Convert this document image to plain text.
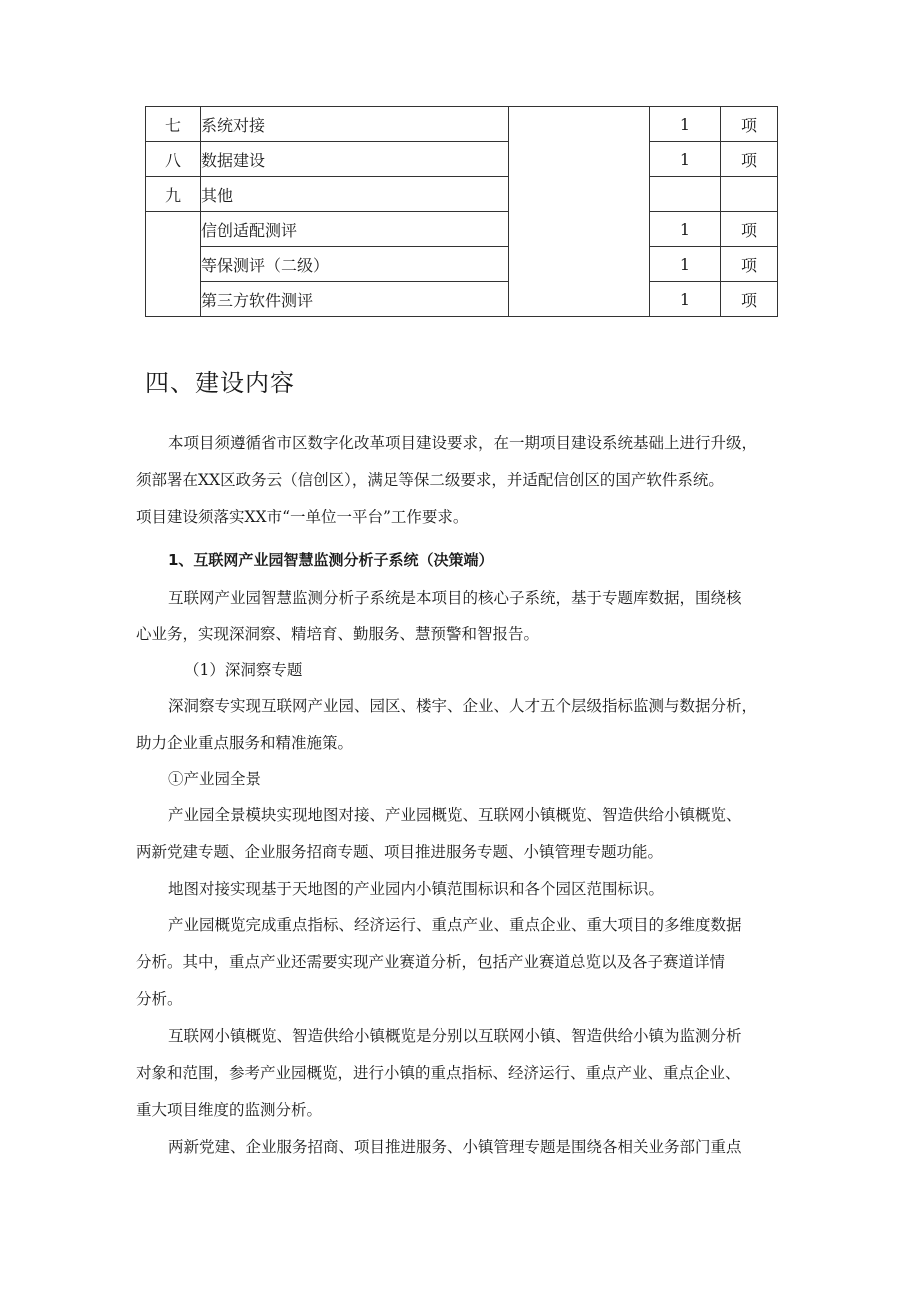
七	系统对接		1	项
八	数据建设		1	项
九	其他			
	信创适配测评		1	项
	等保测评（二级）		1	项
	第三方软件测评		1	项
四、建设内容
本项目须遵循省市区数字化改革项目建设要求，在一期项目建设系统基础上进行升级，
须部署在XX区政务云（信创区），满足等保二级要求，并适配信创区的国产软件系统。
项目建设须落实XX市“一单位一平台”工作要求。
1、互联网产业园智慧监测分析子系统（决策端）
互联网产业园智慧监测分析子系统是本项目的核心子系统，基于专题库数据，围绕核
心业务，实现深洞察、精培育、勤服务、慧预警和智报告。
（1）深洞察专题
深洞察专实现互联网产业园、园区、楼宇、企业、人才五个层级指标监测与数据分析，
助力企业重点服务和精准施策。
①产业园全景
产业园全景模块实现地图对接、产业园概览、互联网小镇概览、智造供给小镇概览、
两新党建专题、企业服务招商专题、项目推进服务专题、小镇管理专题功能。
地图对接实现基于天地图的产业园内小镇范围标识和各个园区范围标识。
产业园概览完成重点指标、经济运行、重点产业、重点企业、重大项目的多维度数据
分析。其中，重点产业还需要实现产业赛道分析，包括产业赛道总览以及各子赛道详情
分析。
互联网小镇概览、智造供给小镇概览是分别以互联网小镇、智造供给小镇为监测分析
对象和范围，参考产业园概览，进行小镇的重点指标、经济运行、重点产业、重点企业、
重大项目维度的监测分析。
两新党建、企业服务招商、项目推进服务、小镇管理专题是围绕各相关业务部门重点
